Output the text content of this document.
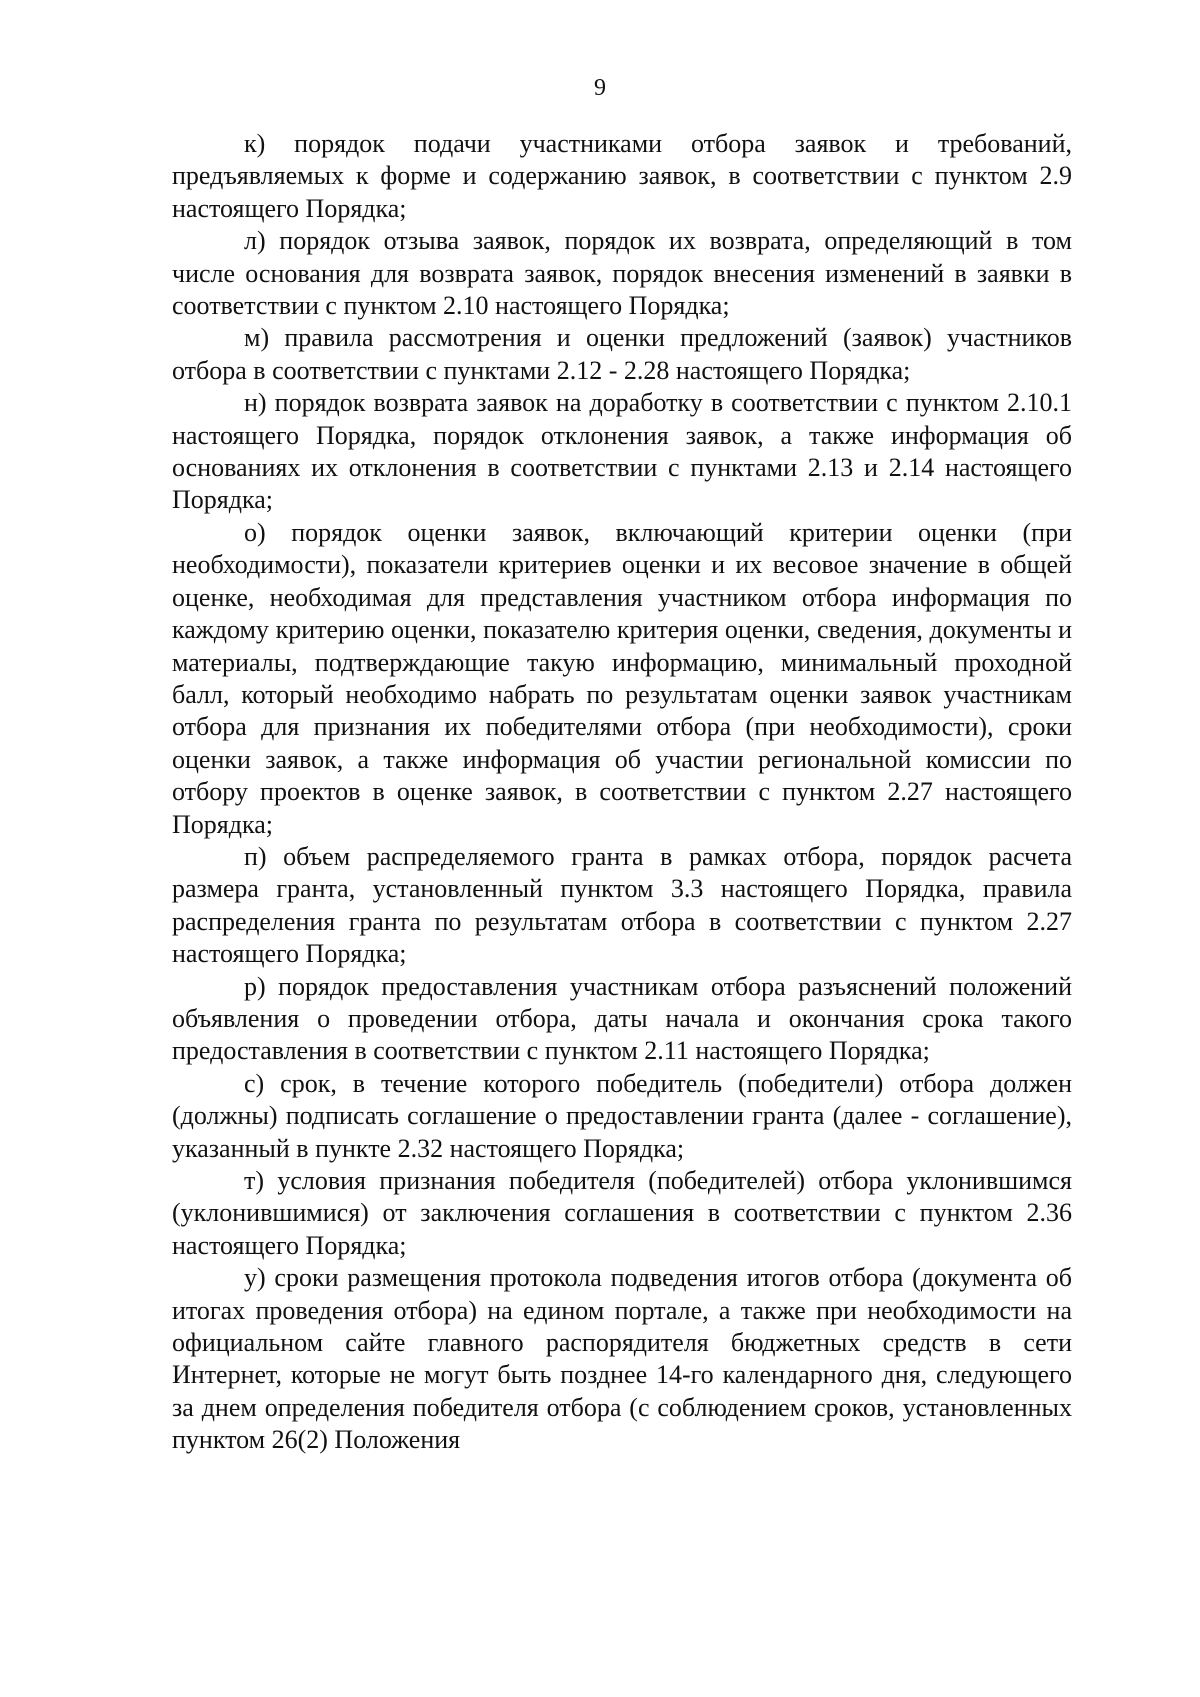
9

к) порядок подачи участниками отбора заявок и требований, предъявляемых к форме и содержанию заявок, в соответствии с пунктом 2.9 настоящего Порядка;

л) порядок отзыва заявок, порядок их возврата, определяющий в том числе основания для возврата заявок, порядок внесения изменений в заявки в соответствии с пунктом 2.10 настоящего Порядка;

м) правила рассмотрения и оценки предложений (заявок) участников отбора в соответствии с пунктами 2.12 - 2.28 настоящего Порядка;

н) порядок возврата заявок на доработку в соответствии с пунктом 2.10.1 настоящего Порядка, порядок отклонения заявок, а также информация об основаниях их отклонения в соответствии с пунктами 2.13 и 2.14 настоящего Порядка;

о) порядок оценки заявок, включающий критерии оценки (при необходимости), показатели критериев оценки и их весовое значение в общей оценке, необходимая для представления участником отбора информация по каждому критерию оценки, показателю критерия оценки, сведения, документы и материалы, подтверждающие такую информацию, минимальный проходной балл, который необходимо набрать по результатам оценки заявок участникам отбора для признания их победителями отбора (при необходимости), сроки оценки заявок, а также информация об участии региональной комиссии по отбору проектов в оценке заявок, в соответствии с пунктом 2.27 настоящего Порядка;

п) объем распределяемого гранта в рамках отбора, порядок расчета размера гранта, установленный пунктом 3.3 настоящего Порядка, правила распределения гранта по результатам отбора в соответствии с пунктом 2.27 настоящего Порядка;

р) порядок предоставления участникам отбора разъяснений положений объявления о проведении отбора, даты начала и окончания срока такого предоставления в соответствии с пунктом 2.11 настоящего Порядка;

с) срок, в течение которого победитель (победители) отбора должен (должны) подписать соглашение о предоставлении гранта (далее - соглашение), указанный в пункте 2.32 настоящего Порядка;

т) условия признания победителя (победителей) отбора уклонившимся (уклонившимися) от заключения соглашения в соответствии с пунктом 2.36 настоящего Порядка;

у) сроки размещения протокола подведения итогов отбора (документа об итогах проведения отбора) на едином портале, а также при необходимости на официальном сайте главного распорядителя бюджетных средств в сети Интернет, которые не могут быть позднее 14-го календарного дня, следующего за днем определения победителя отбора (с соблюдением сроков, установленных пунктом 26(2) Положения
